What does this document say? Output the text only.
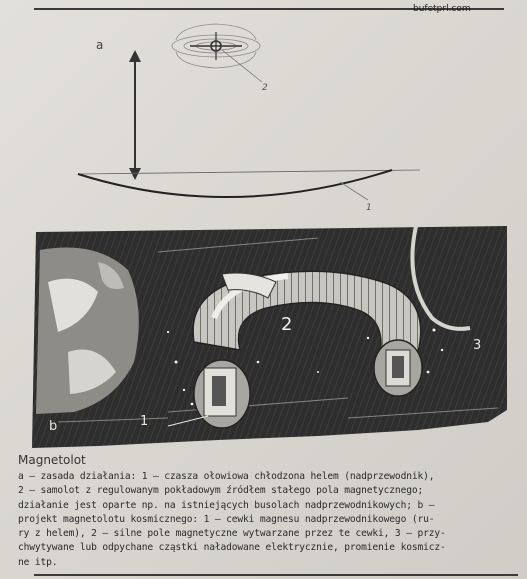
bufetprl.com
2
1
a
b	1
2
3
Magnetolot
a — zasada działania: 1 — czasza ołowiowa chłodzona helem (nadprzewodnik),
2 — samolot z regulowanym pokładowym źródłem stałego pola magnetycznego;
działanie jest oparte np. na istniejących busolach nadprzewodnikowych; b —
projekt magnetolotu kosmicznego: 1 — cewki magnesu nadprzewodnikowego (ru-
ry z helem), 2 — silne pole magnetyczne wytwarzane przez te cewki, 3 — przy-
chwytywane lub odpychane cząstki naładowane elektrycznie, promienie kosmicz-
ne itp.
